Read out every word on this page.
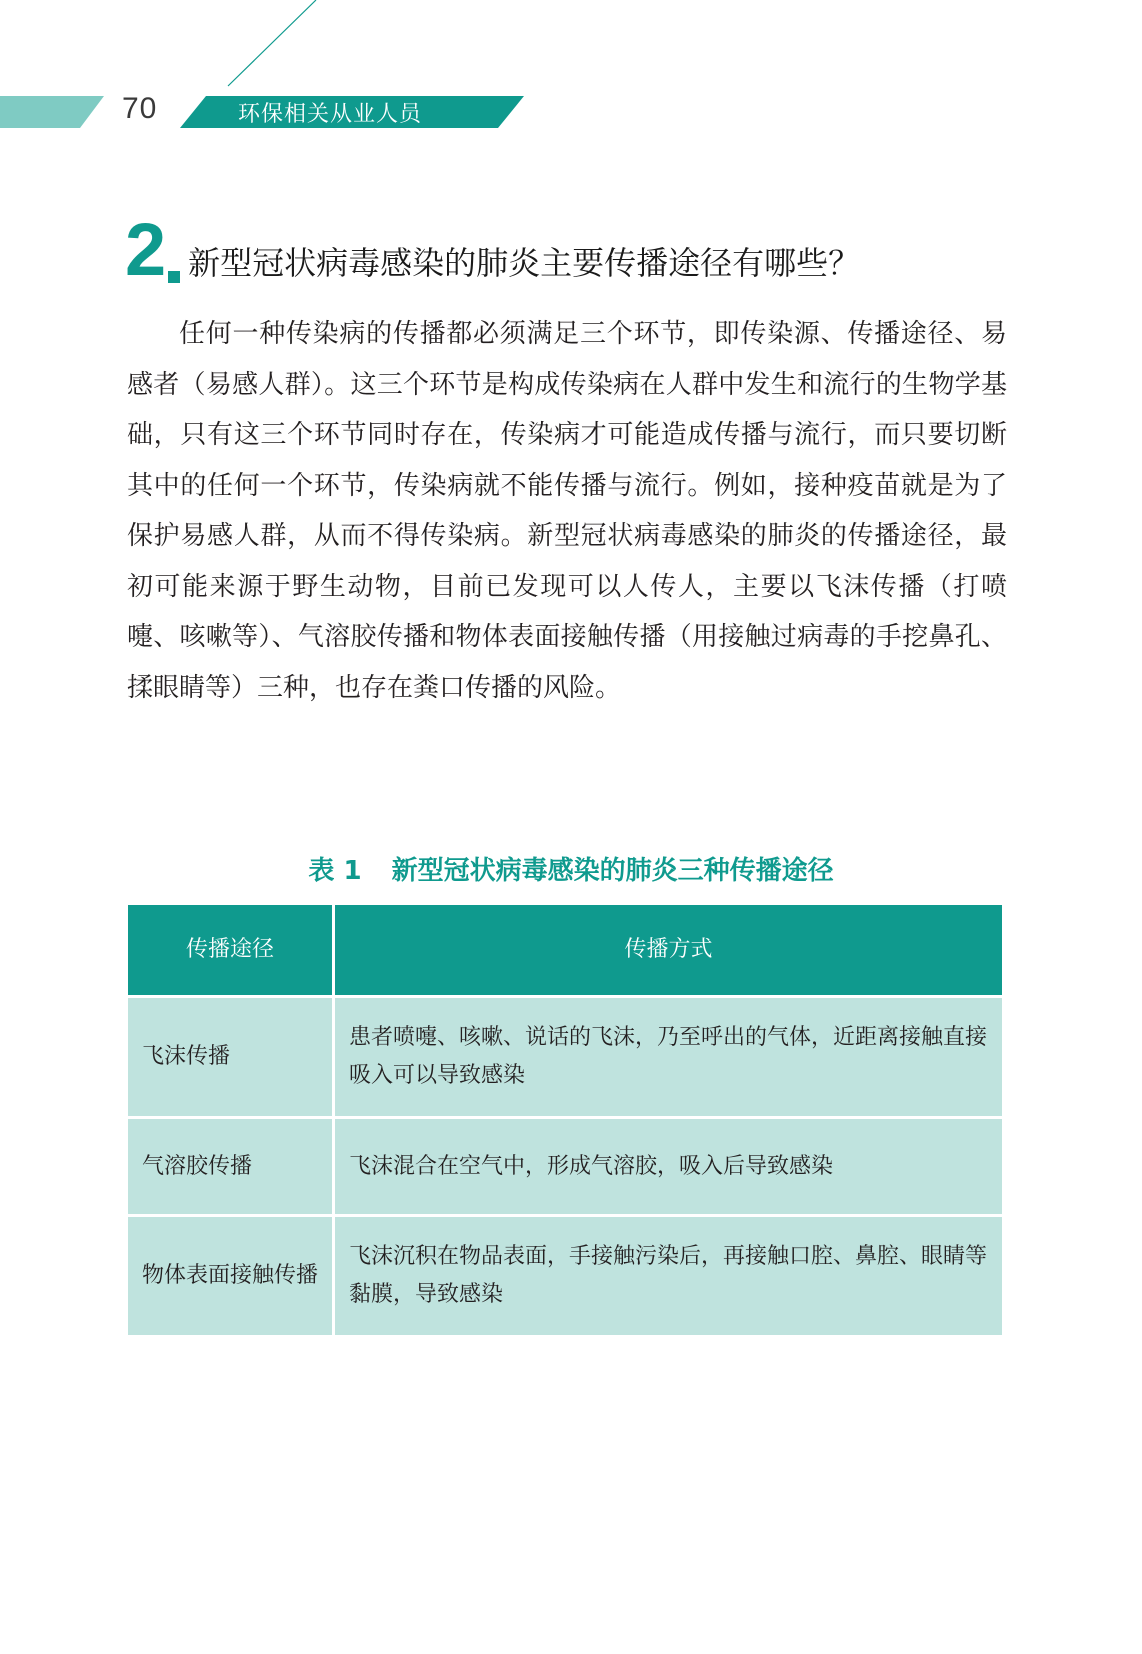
70	环保相关从业人员
2 新型冠状病毒感染的肺炎主要传播途径有哪些？

任何一种传染病的传播都必须满足三个环节，即传染源、传播途径、易感者（易感人群）。这三个环节是构成传染病在人群中发生和流行的生物学基础，只有这三个环节同时存在，传染病才可能造成传播与流行，而只要切断其中的任何一个环节，传染病就不能传播与流行。例如，接种疫苗就是为了保护易感人群，从而不得传染病。新型冠状病毒感染的肺炎的传播途径，最初可能来源于野生动物，目前已发现可以人传人，主要以飞沫传播（打喷嚏、咳嗽等）、气溶胶传播和物体表面接触传播（用接触过病毒的手挖鼻孔、揉眼睛等）三种，也存在粪口传播的风险。

表 1 新型冠状病毒感染的肺炎三种传播途径
传播途径	传播方式
飞沫传播	患者喷嚏、咳嗽、说话的飞沫，乃至呼出的气体，近距离接触直接吸入可以导致感染
气溶胶传播	飞沫混合在空气中，形成气溶胶，吸入后导致感染
物体表面接触传播	飞沫沉积在物品表面，手接触污染后，再接触口腔、鼻腔、眼睛等黏膜，导致感染
